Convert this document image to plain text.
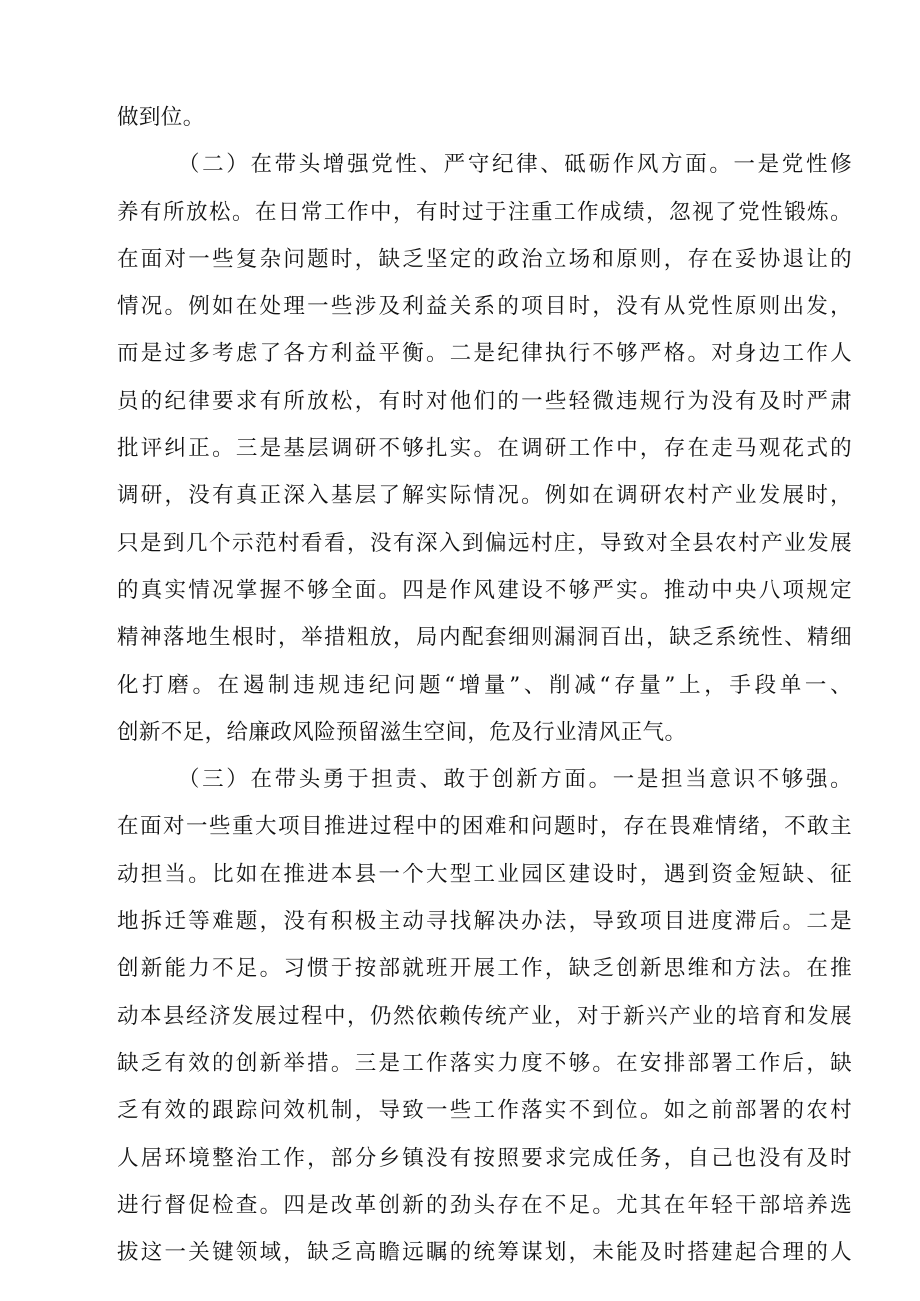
做到位。
（二）在带头增强党性、严守纪律、砥砺作风方面。一是党性修
养有所放松。在日常工作中，有时过于注重工作成绩，忽视了党性锻炼。
在面对一些复杂问题时，缺乏坚定的政治立场和原则，存在妥协退让的
情况。例如在处理一些涉及利益关系的项目时，没有从党性原则出发，
而是过多考虑了各方利益平衡。二是纪律执行不够严格。对身边工作人
员的纪律要求有所放松，有时对他们的一些轻微违规行为没有及时严肃
批评纠正。三是基层调研不够扎实。在调研工作中，存在走马观花式的
调研，没有真正深入基层了解实际情况。例如在调研农村产业发展时，
只是到几个示范村看看，没有深入到偏远村庄，导致对全县农村产业发展
的真实情况掌握不够全面。四是作风建设不够严实。推动中央八项规定
精神落地生根时，举措粗放，局内配套细则漏洞百出，缺乏系统性、精细
化打磨。在遏制违规违纪问题“增量”、削减“存量”上，手段单一、
创新不足，给廉政风险预留滋生空间，危及行业清风正气。
（三）在带头勇于担责、敢于创新方面。一是担当意识不够强。
在面对一些重大项目推进过程中的困难和问题时，存在畏难情绪，不敢主
动担当。比如在推进本县一个大型工业园区建设时，遇到资金短缺、征
地拆迁等难题，没有积极主动寻找解决办法，导致项目进度滞后。二是
创新能力不足。习惯于按部就班开展工作，缺乏创新思维和方法。在推
动本县经济发展过程中，仍然依赖传统产业，对于新兴产业的培育和发展
缺乏有效的创新举措。三是工作落实力度不够。在安排部署工作后，缺
乏有效的跟踪问效机制，导致一些工作落实不到位。如之前部署的农村
人居环境整治工作，部分乡镇没有按照要求完成任务，自己也没有及时
进行督促检查。四是改革创新的劲头存在不足。尤其在年轻干部培养选
拔这一关键领域，缺乏高瞻远瞩的统筹谋划，未能及时搭建起合理的人
